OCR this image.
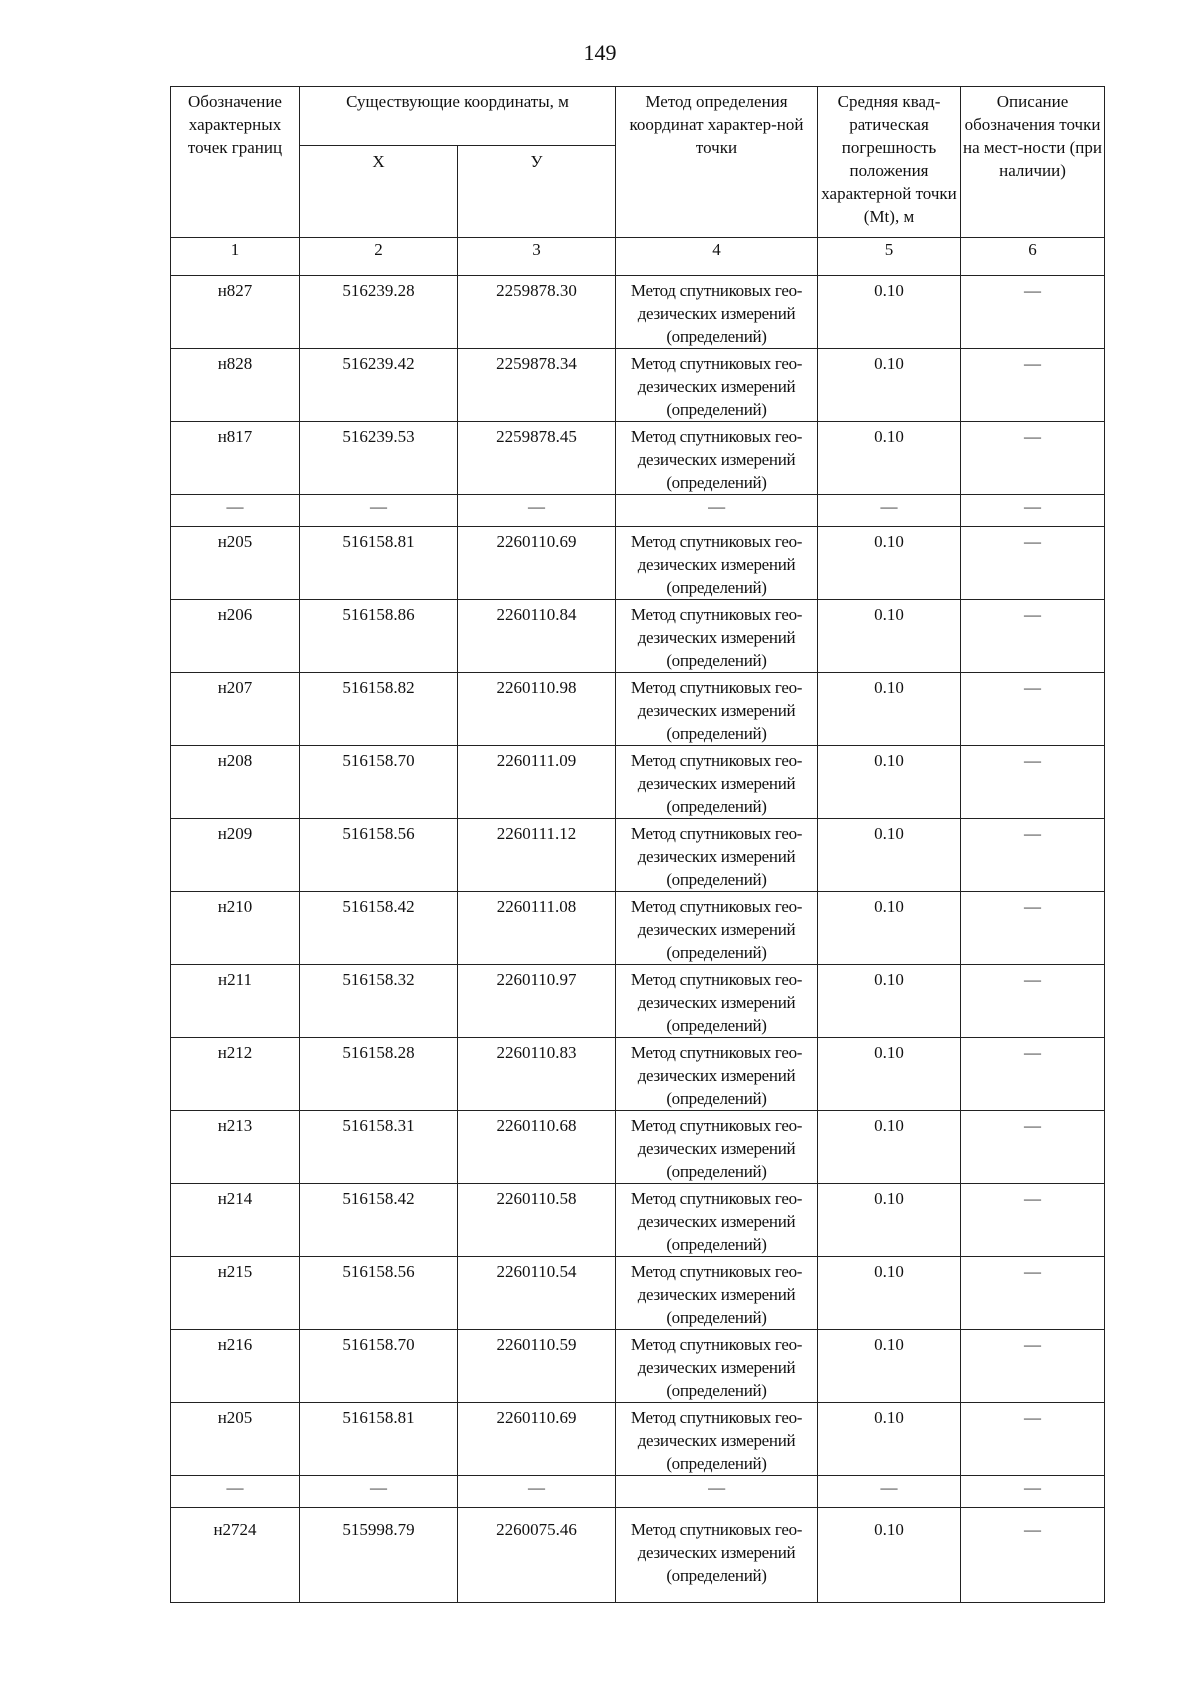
149
Обозначение характерных точек границ	Существующие координаты, м		Метод определения координат характер-ной точки	Средняя квад-ратическая погрешность положения характерной точки (Mt), м	Описание обозначения точки на мест-ности (при наличии)
	Х	У			
1	2	3	4	5	6

н827	516239.28	2259878.30	Метод спутниковых гео-дезических измерений (определений)	0.10	—

н828	516239.42	2259878.34	Метод спутниковых гео-дезических измерений (определений)	0.10	—

н817	516239.53	2259878.45	Метод спутниковых гео-дезических измерений (определений)	0.10	—

—	—	—	—	—	—

н205	516158.81	2260110.69	Метод спутниковых гео-дезических измерений (определений)	0.10	—

н206	516158.86	2260110.84	Метод спутниковых гео-дезических измерений (определений)	0.10	—

н207	516158.82	2260110.98	Метод спутниковых гео-дезических измерений (определений)	0.10	—

н208	516158.70	2260111.09	Метод спутниковых гео-дезических измерений (определений)	0.10	—

н209	516158.56	2260111.12	Метод спутниковых гео-дезических измерений (определений)	0.10	—

н210	516158.42	2260111.08	Метод спутниковых гео-дезических измерений (определений)	0.10	—

н211	516158.32	2260110.97	Метод спутниковых гео-дезических измерений (определений)	0.10	—

н212	516158.28	2260110.83	Метод спутниковых гео-дезических измерений (определений)	0.10	—

н213	516158.31	2260110.68	Метод спутниковых гео-дезических измерений (определений)	0.10	—

н214	516158.42	2260110.58	Метод спутниковых гео-дезических измерений (определений)	0.10	—

н215	516158.56	2260110.54	Метод спутниковых гео-дезических измерений (определений)	0.10	—

н216	516158.70	2260110.59	Метод спутниковых гео-дезических измерений (определений)	0.10	—

н205	516158.81	2260110.69	Метод спутниковых гео-дезических измерений (определений)	0.10	—

—	—	—	—	—	—

н2724	515998.79	2260075.46	Метод спутниковых гео-дезических измерений (определений)	0.10	—
